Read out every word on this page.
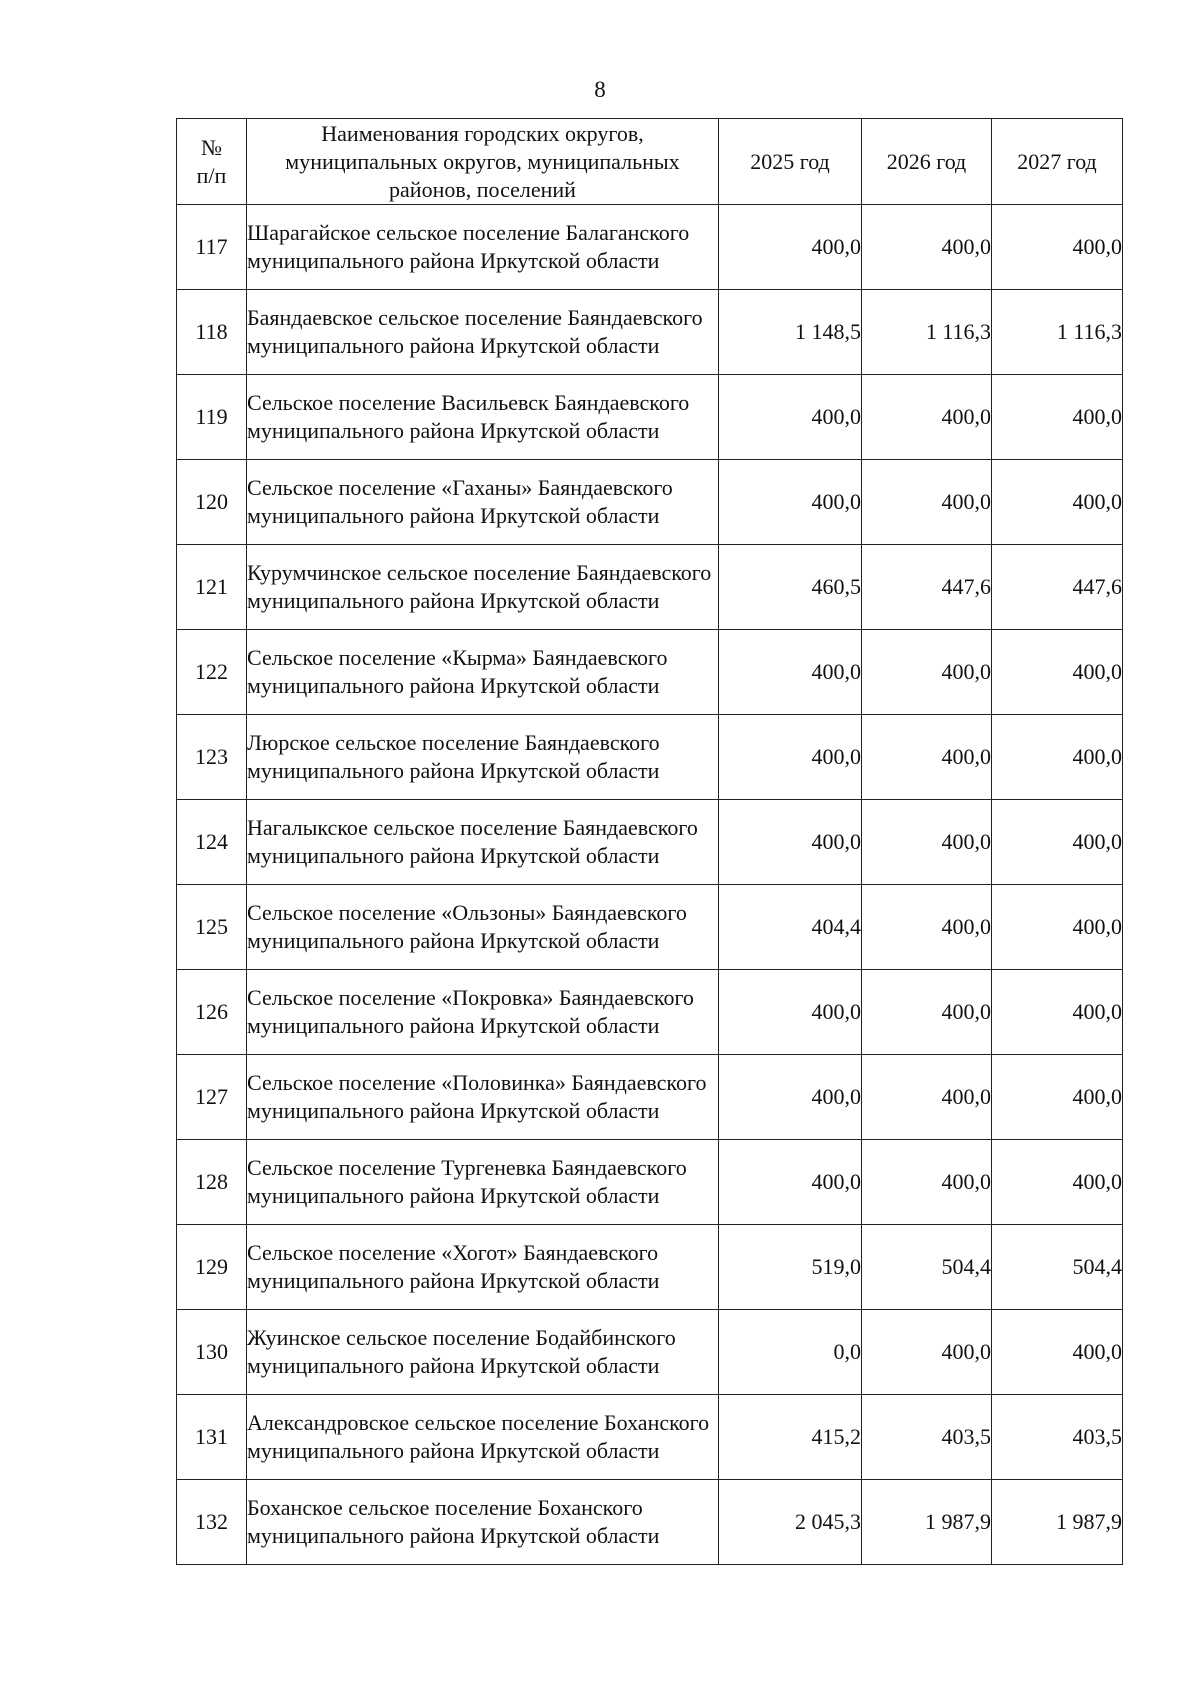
8
№
п/п	Наименования городских округов, муниципальных округов, муниципальных районов, поселений	2025 год	2026 год	2027 год
117	Шарагайское сельское поселение Балаганского муниципального района Иркутской области	400,0	400,0	400,0
118	Баяндаевское сельское поселение Баяндаевского муниципального района Иркутской области	1 148,5	1 116,3	1 116,3
119	Сельское поселение Васильевск Баяндаевского муниципального района Иркутской области	400,0	400,0	400,0
120	Сельское поселение «Гаханы» Баяндаевского муниципального района Иркутской области	400,0	400,0	400,0
121	Курумчинское сельское поселение Баяндаевского муниципального района Иркутской области	460,5	447,6	447,6
122	Сельское поселение «Кырма» Баяндаевского муниципального района Иркутской области	400,0	400,0	400,0
123	Люрское сельское поселение Баяндаевского муниципального района Иркутской области	400,0	400,0	400,0
124	Нагалыкское сельское поселение Баяндаевского муниципального района Иркутской области	400,0	400,0	400,0
125	Сельское поселение «Ользоны» Баяндаевского муниципального района Иркутской области	404,4	400,0	400,0
126	Сельское поселение «Покровка» Баяндаевского муниципального района Иркутской области	400,0	400,0	400,0
127	Сельское поселение «Половинка» Баяндаевского муниципального района Иркутской области	400,0	400,0	400,0
128	Сельское поселение Тургеневка Баяндаевского муниципального района Иркутской области	400,0	400,0	400,0
129	Сельское поселение «Хогот» Баяндаевского муниципального района Иркутской области	519,0	504,4	504,4
130	Жуинское сельское поселение Бодайбинского муниципального района Иркутской области	0,0	400,0	400,0
131	Александровское сельское поселение Боханского муниципального района Иркутской области	415,2	403,5	403,5
132	Боханское сельское поселение Боханского муниципального района Иркутской области	2 045,3	1 987,9	1 987,9
